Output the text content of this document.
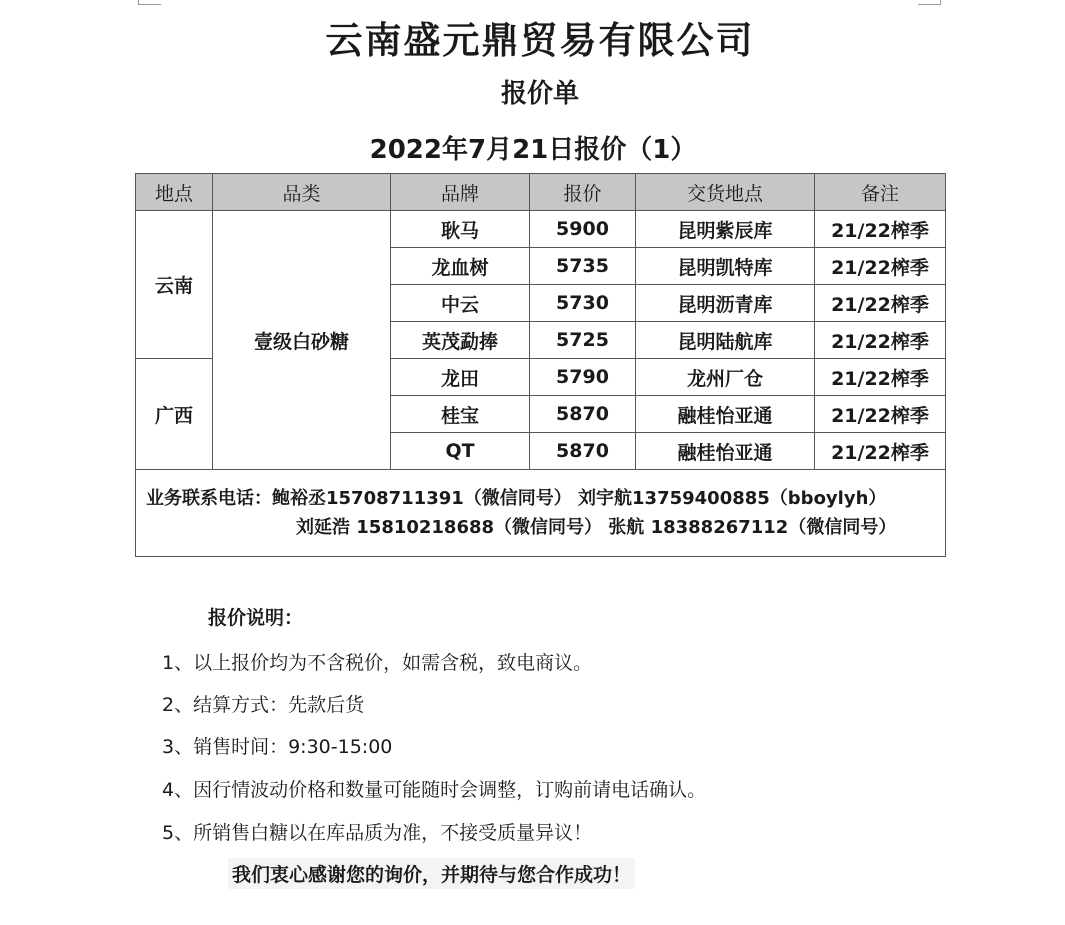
云南盛元鼎贸易有限公司
报价单
2022年7月21日报价（1）
地点	品类	品牌	报价	交货地点	备注
云南	壹级白砂糖	耿马	5900	昆明紫辰库	21/22榨季
		龙血树	5735	昆明凯特库	21/22榨季
		中云	5730	昆明沥青库	21/22榨季
		英茂勐捧	5725	昆明陆航库	21/22榨季
广西		龙田	5790	龙州厂仓	21/22榨季
		桂宝	5870	融桂怡亚通	21/22榨季
		QT	5870	融桂怡亚通	21/22榨季

业务联系电话：鲍裕丞15708711391（微信同号） 刘宇航13759400885（bboylyh）
刘延浩 15810218688（微信同号） 张航 18388267112（微信同号）					
报价说明：
1、以上报价均为不含税价，如需含税，致电商议。
2、结算方式：先款后货
3、销售时间：9:30-15:00
4、因行情波动价格和数量可能随时会调整，订购前请电话确认。
5、所销售白糖以在库品质为准，不接受质量异议！
我们衷心感谢您的询价，并期待与您合作成功！
